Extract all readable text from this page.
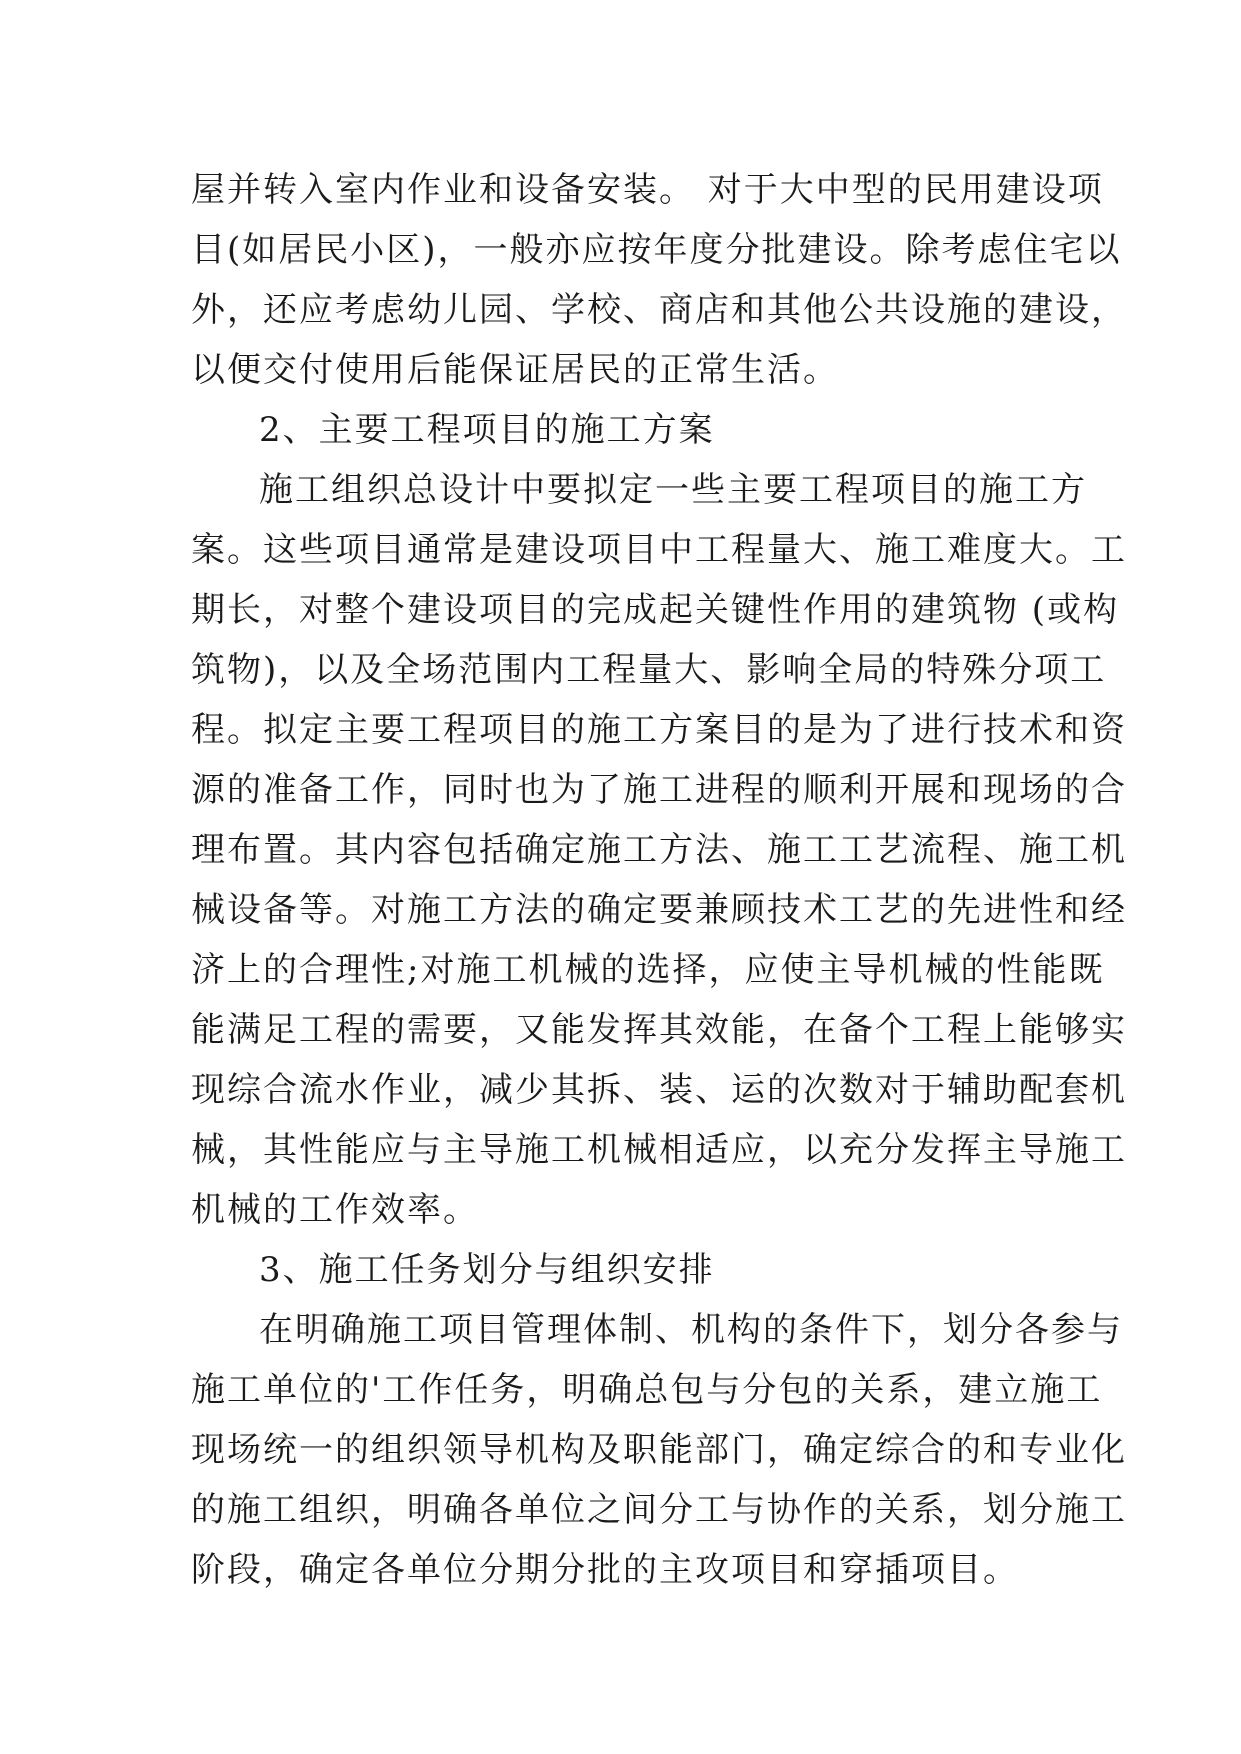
屋并转入室内作业和设备安装。 对于大中型的民用建设项
目(如居民小区)，一般亦应按年度分批建设。除考虑住宅以
外，还应考虑幼儿园、学校、商店和其他公共设施的建设，
以便交付使用后能保证居民的正常生活。
2、主要工程项目的施工方案
施工组织总设计中要拟定一些主要工程项目的施工方
案。这些项目通常是建设项目中工程量大、施工难度大。工
期长，对整个建设项目的完成起关键性作用的建筑物 (或构
筑物)，以及全场范围内工程量大、影响全局的特殊分项工
程。拟定主要工程项目的施工方案目的是为了进行技术和资
源的准备工作，同时也为了施工进程的顺利开展和现场的合
理布置。其内容包括确定施工方法、施工工艺流程、施工机
械设备等。对施工方法的确定要兼顾技术工艺的先进性和经
济上的合理性;对施工机械的选择，应使主导机械的性能既
能满足工程的需要，又能发挥其效能，在备个工程上能够实
现综合流水作业，减少其拆、装、运的次数对于辅助配套机
械，其性能应与主导施工机械相适应，以充分发挥主导施工
机械的工作效率。
3、施工任务划分与组织安排
在明确施工项目管理体制、机构的条件下，划分各参与
施工单位的'工作任务，明确总包与分包的关系，建立施工
现场统一的组织领导机构及职能部门，确定综合的和专业化
的施工组织，明确各单位之间分工与协作的关系，划分施工
阶段，确定各单位分期分批的主攻项目和穿插项目。
